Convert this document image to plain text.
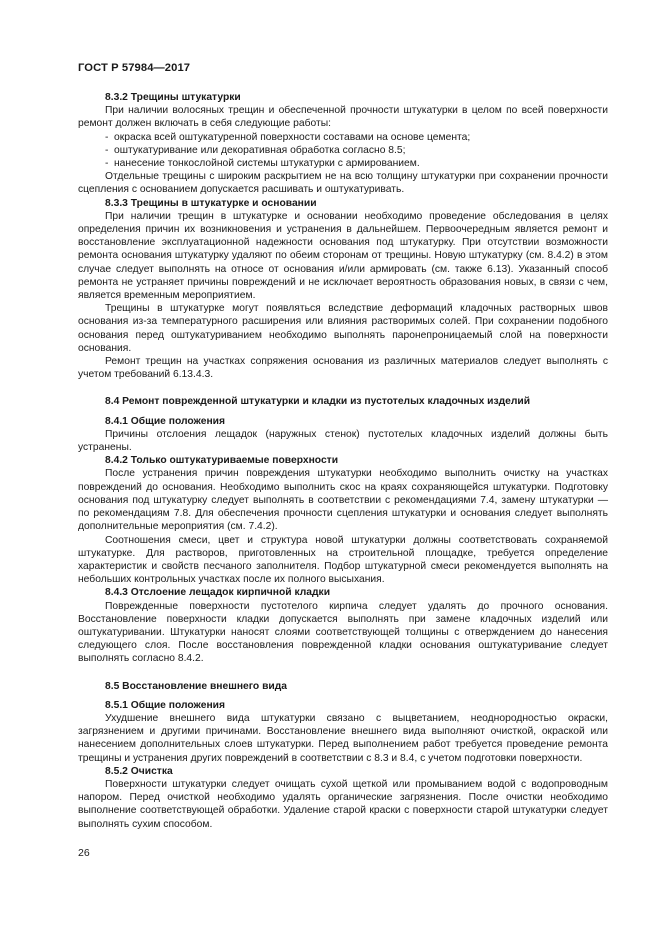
ГОСТ Р 57984—2017

8.3.2 Трещины штукатурки

При наличии волосяных трещин и обеспеченной прочности штукатурки в целом по всей поверхности ремонт должен включать в себя следующие работы:

- окраска всей оштукатуренной поверхности составами на основе цемента;
- оштукатуривание или декоративная обработка согласно 8.5;
- нанесение тонкослойной системы штукатурки с армированием.

Отдельные трещины с широким раскрытием не на всю толщину штукатурки при сохранении прочности сцепления с основанием допускается расшивать и оштукатуривать.

8.3.3 Трещины в штукатурке и основании

При наличии трещин в штукатурке и основании необходимо проведение обследования в целях определения причин их возникновения и устранения в дальнейшем. Первоочередным является ремонт и восстановление эксплуатационной надежности основания под штукатурку. При отсутствии возможности ремонта основания штукатурку удаляют по обеим сторонам от трещины. Новую штукатурку (см. 8.4.2) в этом случае следует выполнять на относе от основания и/или армировать (см. также 6.13). Указанный способ ремонта не устраняет причины повреждений и не исключает вероятность образования новых, в связи с чем, является временным мероприятием.

Трещины в штукатурке могут появляться вследствие деформаций кладочных растворных швов основания из-за температурного расширения или влияния растворимых солей. При сохранении подобного основания перед оштукатуриванием необходимо выполнять паронепроницаемый слой на поверхности основания.

Ремонт трещин на участках сопряжения основания из различных материалов следует выполнять с учетом требований 6.13.4.3.

8.4 Ремонт поврежденной штукатурки и кладки из пустотелых кладочных изделий

8.4.1 Общие положения

Причины отслоения лещадок (наружных стенок) пустотелых кладочных изделий должны быть устранены.

8.4.2 Только оштукатуриваемые поверхности

После устранения причин повреждения штукатурки необходимо выполнить очистку на участках повреждений до основания. Необходимо выполнить скос на краях сохраняющейся штукатурки. Подготовку основания под штукатурку следует выполнять в соответствии с рекомендациями 7.4, замену штукатурки — по рекомендациям 7.8. Для обеспечения прочности сцепления штукатурки и основания следует выполнять дополнительные мероприятия (см. 7.4.2).

Соотношения смеси, цвет и структура новой штукатурки должны соответствовать сохраняемой штукатурке. Для растворов, приготовленных на строительной площадке, требуется определение характеристик и свойств песчаного заполнителя. Подбор штукатурной смеси рекомендуется выполнять на небольших контрольных участках после их полного высыхания.

8.4.3 Отслоение лещадок кирпичной кладки

Поврежденные поверхности пустотелого кирпича следует удалять до прочного основания. Восстановление поверхности кладки допускается выполнять при замене кладочных изделий или оштукатуривании. Штукатурки наносят слоями соответствующей толщины с отверждением до нанесения следующего слоя. После восстановления поврежденной кладки основания оштукатуривание следует выполнять согласно 8.4.2.

8.5 Восстановление внешнего вида

8.5.1 Общие положения

Ухудшение внешнего вида штукатурки связано с выцветанием, неоднородностью окраски, загрязнением и другими причинами. Восстановление внешнего вида выполняют очисткой, окраской или нанесением дополнительных слоев штукатурки. Перед выполнением работ требуется проведение ремонта трещины и устранения других повреждений в соответствии с 8.3 и 8.4, с учетом подготовки поверхности.

8.5.2 Очистка

Поверхности штукатурки следует очищать сухой щеткой или промыванием водой с водопроводным напором. Перед очисткой необходимо удалять органические загрязнения. После очистки необходимо выполнение соответствующей обработки. Удаление старой краски с поверхности старой штукатурки следует выполнять сухим способом.

26
